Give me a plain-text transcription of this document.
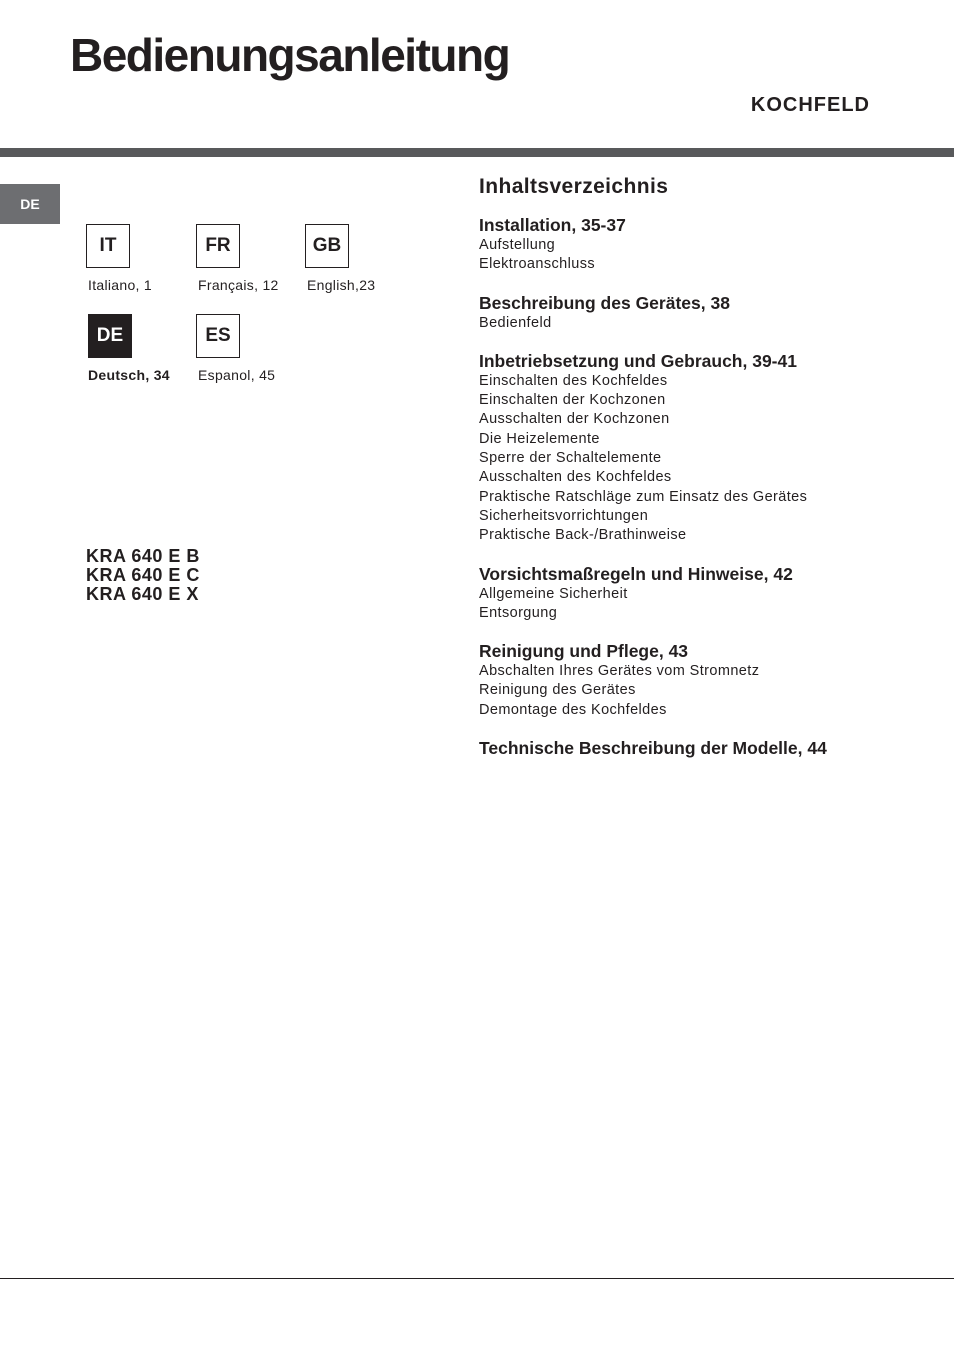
Bedienungsanleitung
KOCHFELD
DE
IT
Italiano, 1
FR
Français, 12
GB
English,23
DE
Deutsch, 34
ES
Espanol, 45
KRA 640 E B
KRA 640 E C
KRA 640 E X
Inhaltsverzeichnis
Installation, 35-37
Aufstellung
Elektroanschluss
Beschreibung des Gerätes, 38
Bedienfeld
Inbetriebsetzung und Gebrauch, 39-41
Einschalten des Kochfeldes
Einschalten der Kochzonen
Ausschalten der Kochzonen
Die Heizelemente
Sperre der Schaltelemente
Ausschalten des Kochfeldes
Praktische Ratschläge zum Einsatz des Gerätes
Sicherheitsvorrichtungen
Praktische Back-/Brathinweise
Vorsichtsmaßregeln und Hinweise, 42
Allgemeine Sicherheit
Entsorgung
Reinigung und Pflege, 43
Abschalten Ihres Gerätes vom Stromnetz
Reinigung des Gerätes
Demontage des Kochfeldes
Technische Beschreibung der Modelle, 44
